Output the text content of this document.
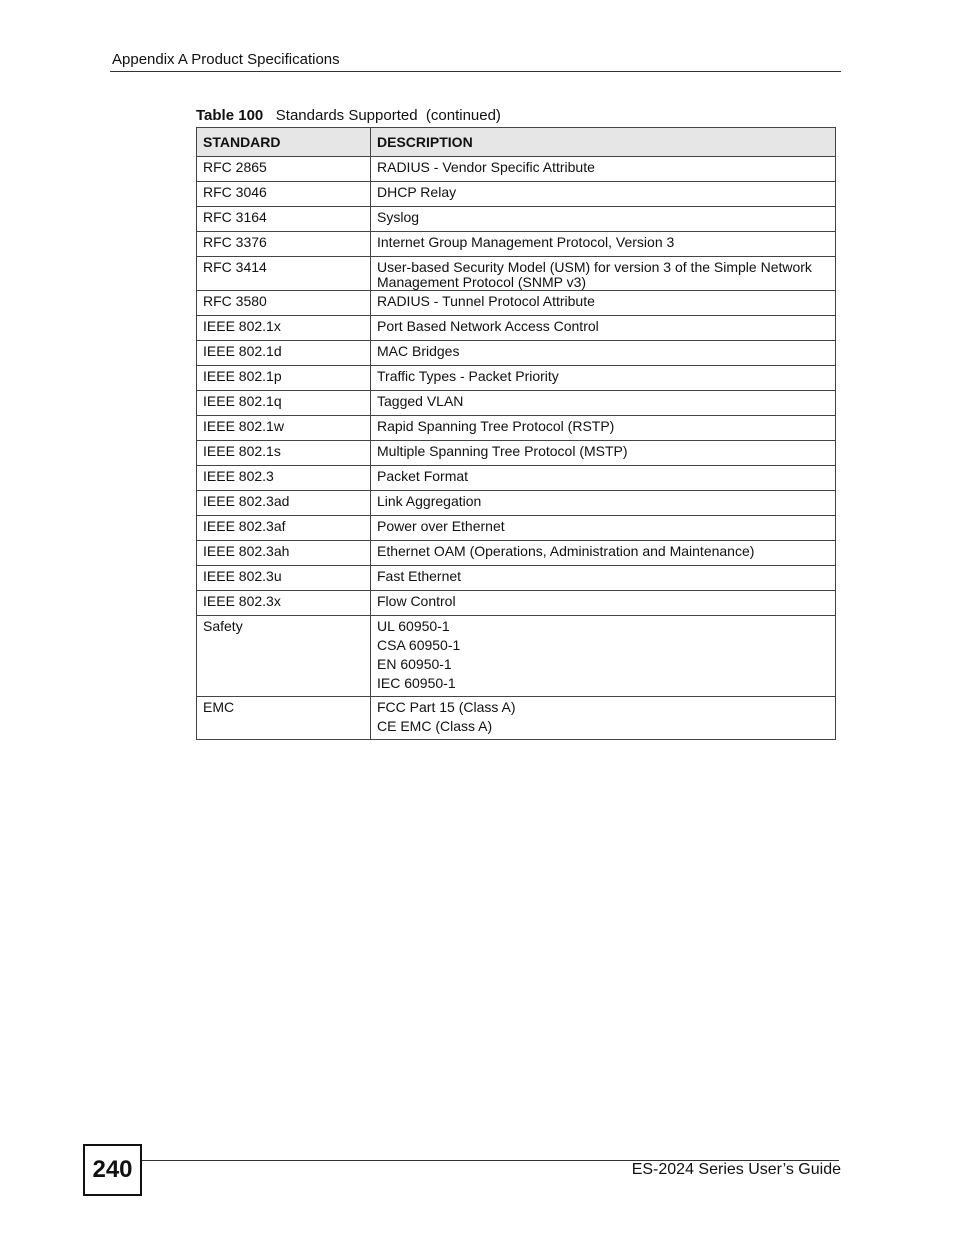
Appendix A Product Specifications
Table 100 Standards Supported  (continued)
STANDARD	DESCRIPTION
RFC 2865	RADIUS - Vendor Specific Attribute

RFC 3046	DHCP Relay

RFC 3164	Syslog

RFC 3376	Internet Group Management Protocol, Version 3

RFC 3414	User-based Security Model (USM) for version 3 of the Simple Network Management Protocol (SNMP v3)

RFC 3580	RADIUS - Tunnel Protocol Attribute

IEEE 802.1x	Port Based Network Access Control

IEEE 802.1d	MAC Bridges

IEEE 802.1p	Traffic Types - Packet Priority

IEEE 802.1q	Tagged VLAN

IEEE 802.1w	Rapid Spanning Tree Protocol (RSTP)

IEEE 802.1s	Multiple Spanning Tree Protocol (MSTP)

IEEE 802.3	Packet Format

IEEE 802.3ad	Link Aggregation

IEEE 802.3af	Power over Ethernet

IEEE 802.3ah	Ethernet OAM (Operations, Administration and Maintenance)

IEEE 802.3u	Fast Ethernet

IEEE 802.3x	Flow Control

Safety	UL 60950-1
CSA 60950-1
EN 60950-1
IEC 60950-1

EMC	FCC Part 15 (Class A)
CE EMC (Class A)
240	ES-2024 Series User’s Guide
